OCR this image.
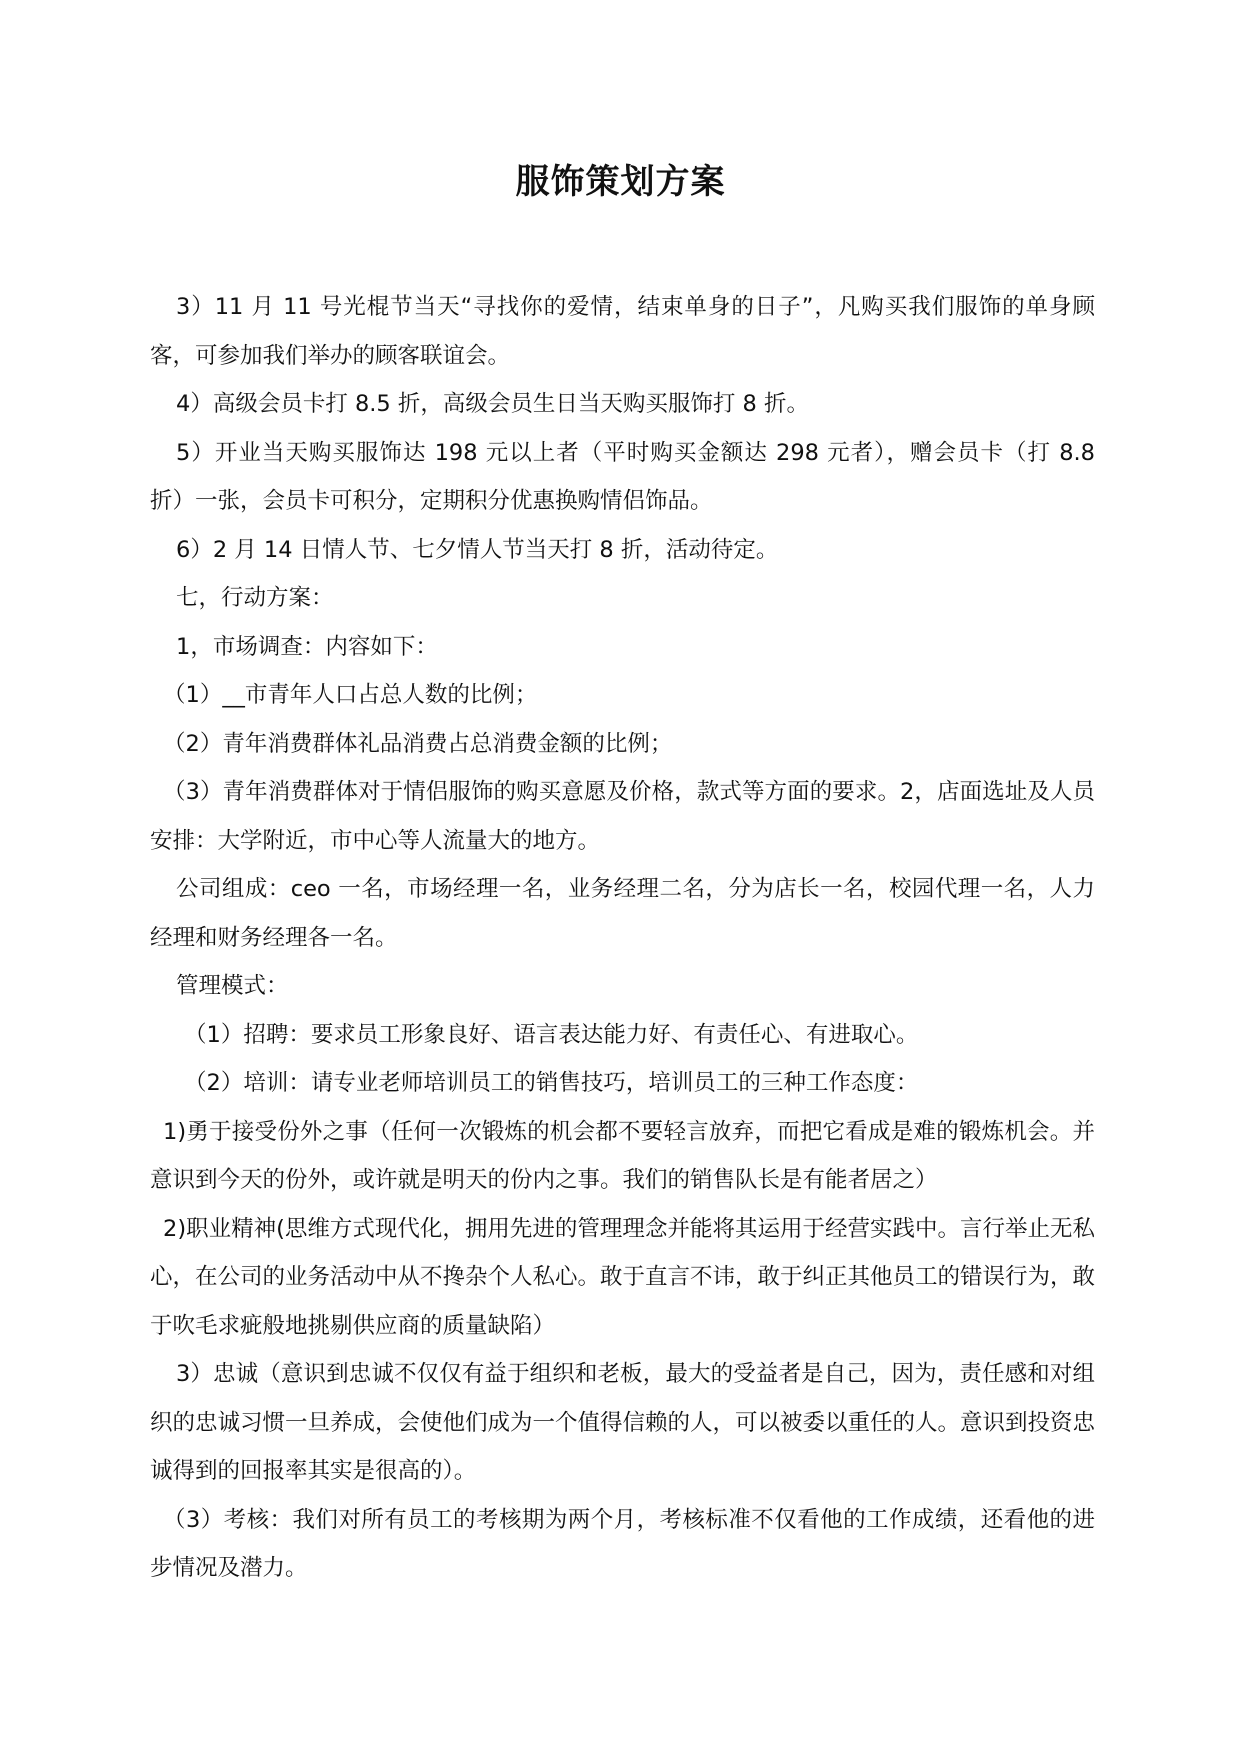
服饰策划方案

3）11 月 11 号光棍节当天“寻找你的爱情，结束单身的日子”，凡购买我们服饰的单身顾客，可参加我们举办的顾客联谊会。

4）高级会员卡打 8.5 折，高级会员生日当天购买服饰打 8 折。

5）开业当天购买服饰达 198 元以上者（平时购买金额达 298 元者），赠会员卡（打 8.8 折）一张，会员卡可积分，定期积分优惠换购情侣饰品。

6）2 月 14 日情人节、七夕情人节当天打 8 折，活动待定。

七，行动方案：

1，市场调查：内容如下：

（1）__市青年人口占总人数的比例；

（2）青年消费群体礼品消费占总消费金额的比例；

（3）青年消费群体对于情侣服饰的购买意愿及价格，款式等方面的要求。2，店面选址及人员安排：大学附近，市中心等人流量大的地方。

公司组成：ceo 一名，市场经理一名，业务经理二名，分为店长一名，校园代理一名，人力经理和财务经理各一名。

管理模式：

（1）招聘：要求员工形象良好、语言表达能力好、有责任心、有进取心。

（2）培训：请专业老师培训员工的销售技巧，培训员工的三种工作态度：

1)勇于接受份外之事（任何一次锻炼的机会都不要轻言放弃，而把它看成是难的锻炼机会。并意识到今天的份外，或许就是明天的份内之事。我们的销售队长是有能者居之）

2)职业精神(思维方式现代化，拥用先进的管理理念并能将其运用于经营实践中。言行举止无私心，在公司的业务活动中从不搀杂个人私心。敢于直言不讳，敢于纠正其他员工的错误行为，敢于吹毛求疵般地挑剔供应商的质量缺陷）

3）忠诚（意识到忠诚不仅仅有益于组织和老板，最大的受益者是自己，因为，责任感和对组织的忠诚习惯一旦养成，会使他们成为一个值得信赖的人，可以被委以重任的人。意识到投资忠诚得到的回报率其实是很高的）。

（3）考核：我们对所有员工的考核期为两个月，考核标准不仅看他的工作成绩，还看他的进步情况及潜力。
